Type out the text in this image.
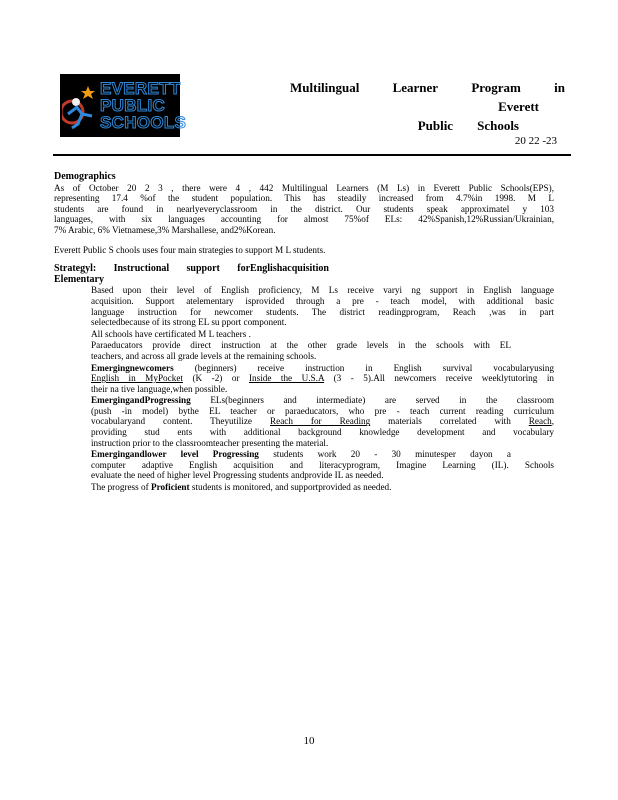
EVERETT
PUBLIC
SCHOOLS
Multilingual	Learner	Program	in
Everett
Public Schools
20 22 -23
Demographics
As of October 20 2 3 , there were 4 , 442 Multilingual Learners (M Ls) in Everett Public Schools(EPS),
representing 17.4 %of the student population. This has steadily increased from 4.7%in 1998. M L
students are found in nearlyeveryclassroom in the district. Our students speak approximatel y 103
languages, with six languages accounting for almost 75%of ELs: 42%Spanish,12%Russian/Ukrainian,
7% Arabic, 6% Vietnamese,3% Marshallese, and2%Korean.
Everett Public S chools uses four main strategies to support M L students.
Strategyl: Instructional support forEnglishacquisition
Elementary
Based upon their level of English proficiency, M Ls receive varyi ng support in English language
acquisition. Support atelementary isprovided through a pre - teach model, with additional basic
language instruction for newcomer students. The district readingprogram, Reach ,was in part
selectedbecause of its strong EL su pport component.
All schools have certificated M L teachers .
Paraeducators provide direct instruction at the other grade levels in the schools with EL
teachers, and across all grade levels at the remaining schools.
Emergingnewcomers (beginners) receive instruction in English survival vocabularyusing
English in MyPocket (K -2) or Inside the U.S.A (3 - 5).All newcomers receive weeklytutoring in
their na tive language,when possible.
EmergingandProgressing ELs(beginners and intermediate) are served in the classroom
(push -in model) bythe EL teacher or paraeducators, who pre - teach current reading curriculum
vocabularyand content. Theyutilize Reach for Reading materials correlated with Reach,
providing stud ents with additional background knowledge development and vocabulary
instruction prior to the classroomteacher presenting the material.
Emergingandlower level Progressing students work 20 - 30 minutesper dayon a
computer adaptive English acquisition and literacyprogram, Imagine Learning (IL). Schools
evaluate the need of higher level Progressing students andprovide IL as needed.
The progress of Proficient students is monitored, and supportprovided as needed.
10
